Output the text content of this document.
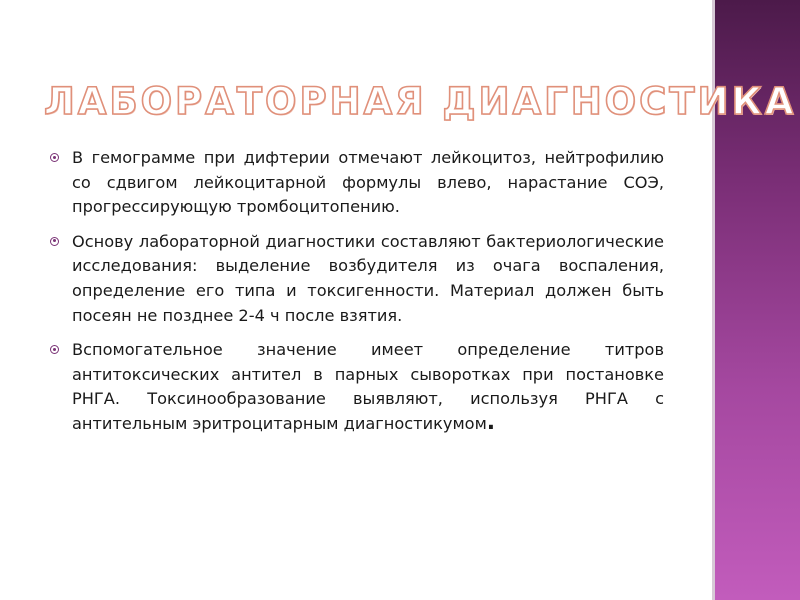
ЛАБОРАТОРНАЯ ДИАГНОСТИКА
В гемограмме при дифтерии отмечают лейкоцитоз, нейтрофилию со сдвигом лейкоцитарной формулы влево, нарастание СОЭ, прогрессирующую тромбоцитопению.
Основу лабораторной диагностики составляют бактериологические исследования: выделение возбудителя из очага воспаления, определение его типа и токсигенности. Материал должен быть посеян не позднее 2-4 ч после взятия.
Вспомогательное значение имеет определение титров антитоксических антител в парных сыворотках при постановке РНГА. Токсинообразование выявляют, используя РНГА с антительным эритроцитарным диагностикумом.
